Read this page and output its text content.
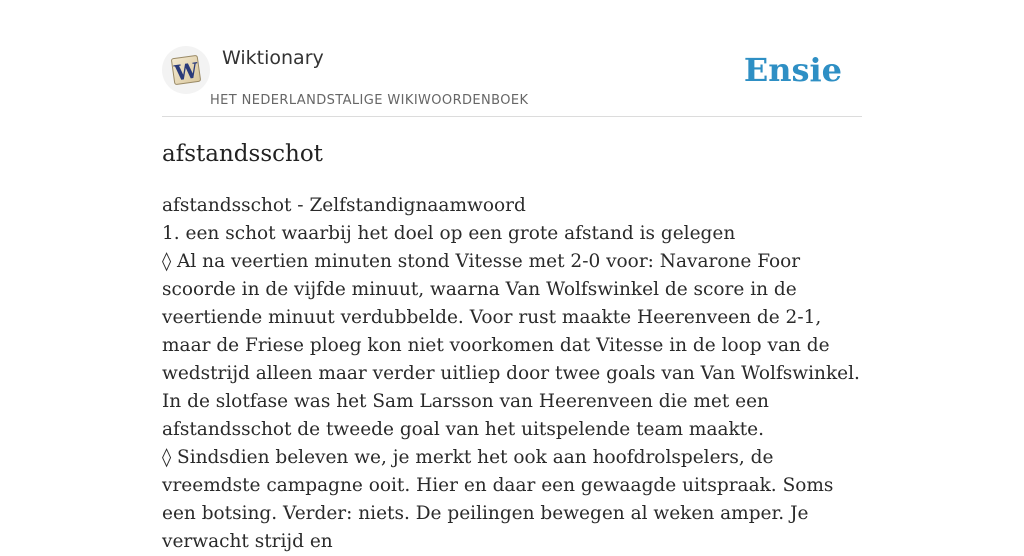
W Wiktionary
HET NEDERLANDSTALIGE WIKIWOORDENBOEK
Ensie
afstandsschot

afstandsschot - Zelfstandignaamwoord

1. een schot waarbij het doel op een grote afstand is gelegen

◊ Al na veertien minuten stond Vitesse met 2-0 voor: Navarone Foor scoorde in de vijfde minuut, waarna Van Wolfswinkel de score in de veertiende minuut verdubbelde. Voor rust maakte Heerenveen de 2-1, maar de Friese ploeg kon niet voorkomen dat Vitesse in de loop van de wedstrijd alleen maar verder uitliep door twee goals van Van Wolfswinkel. In de slotfase was het Sam Larsson van Heerenveen die met een afstandsschot de tweede goal van het uitspelende team maakte.

◊ Sindsdien beleven we, je merkt het ook aan hoofdrolspelers, de vreemdste campagne ooit. Hier en daar een gewaagde uitspraak. Soms een botsing. Verder: niets. De peilingen bewegen al weken amper. Je verwacht strijd en
